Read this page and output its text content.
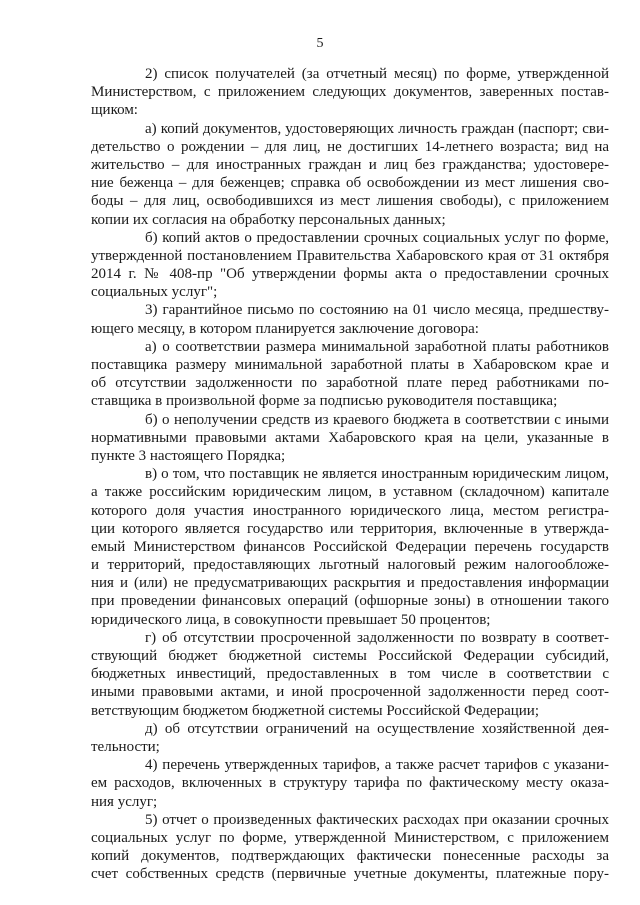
5
2) список получателей (за отчетный месяц) по форме, утвержденной
Министерством, с приложением следующих документов, заверенных постав-
щиком:
а) копий документов, удостоверяющих личность граждан (паспорт; сви-
детельство о рождении – для лиц, не достигших 14-летнего возраста; вид на
жительство – для иностранных граждан и лиц без гражданства; удостовере-
ние беженца – для беженцев; справка об освобождении из мест лишения сво-
боды – для лиц, освободившихся из мест лишения свободы), с приложением
копии их согласия на обработку персональных данных;
б) копий актов о предоставлении срочных социальных услуг по форме,
утвержденной постановлением Правительства Хабаровского края от 31 октября
2014 г. № 408-пр "Об утверждении формы акта о предоставлении срочных
социальных услуг";
3) гарантийное письмо по состоянию на 01 число месяца, предшеству-
ющего месяцу, в котором планируется заключение договора:
а) о соответствии размера минимальной заработной платы работников
поставщика размеру минимальной заработной платы в Хабаровском крае и
об отсутствии задолженности по заработной плате перед работниками по-
ставщика в произвольной форме за подписью руководителя поставщика;
б) о неполучении средств из краевого бюджета в соответствии с иными
нормативными правовыми актами Хабаровского края на цели, указанные в
пункте 3 настоящего Порядка;
в) о том, что поставщик не является иностранным юридическим лицом,
а также российским юридическим лицом, в уставном (складочном) капитале
которого доля участия иностранного юридического лица, местом регистра-
ции которого является государство или территория, включенные в утвержда-
емый Министерством финансов Российской Федерации перечень государств
и территорий, предоставляющих льготный налоговый режим налогообложе-
ния и (или) не предусматривающих раскрытия и предоставления информации
при проведении финансовых операций (офшорные зоны) в отношении такого
юридического лица, в совокупности превышает 50 процентов;
г) об отсутствии просроченной задолженности по возврату в соответ-
ствующий бюджет бюджетной системы Российской Федерации субсидий,
бюджетных инвестиций, предоставленных в том числе в соответствии с
иными правовыми актами, и иной просроченной задолженности перед соот-
ветствующим бюджетом бюджетной системы Российской Федерации;
д) об отсутствии ограничений на осуществление хозяйственной дея-
тельности;
4) перечень утвержденных тарифов, а также расчет тарифов с указани-
ем расходов, включенных в структуру тарифа по фактическому месту оказа-
ния услуг;
5) отчет о произведенных фактических расходах при оказании срочных
социальных услуг по форме, утвержденной Министерством, с приложением
копий документов, подтверждающих фактически понесенные расходы за
счет собственных средств (первичные учетные документы, платежные пору-
